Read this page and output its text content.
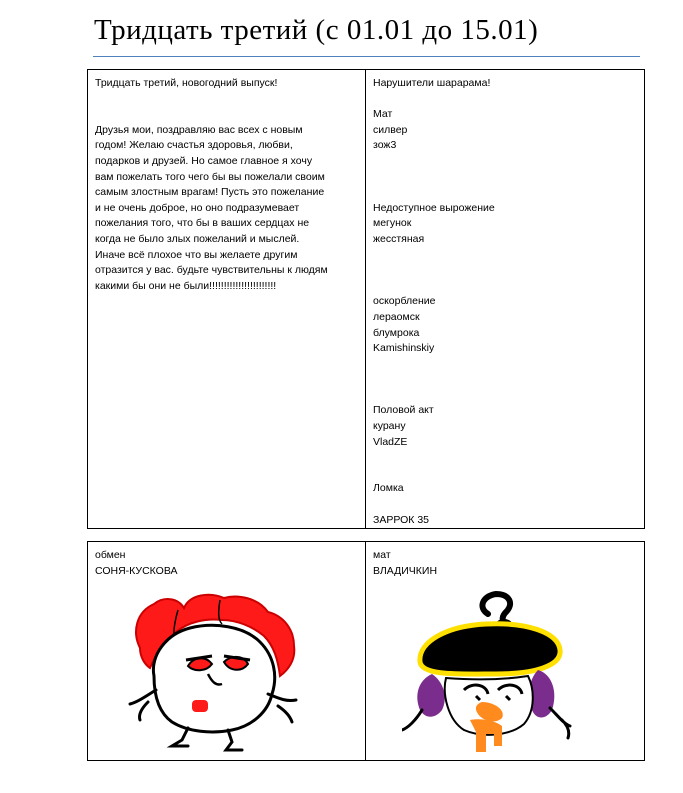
Тридцать третий (с 01.01 до 15.01)
Тридцать третий, новогодний выпуск!
Друзья мои, поздравляю вас всех с новым
годом! Желаю счастья здоровья, любви,
подарков и друзей. Но самое главное я хочу
вам пожелать того чего бы вы пожелали своим
самым злостным врагам! Пусть это пожелание
и не очень доброе, но оно подразумевает
пожелания того, что бы в ваших сердцах не
когда не было злых пожеланий и мыслей.
Иначе всё плохое что вы желаете другим
отразится у вас. будьте чувствительны к людям
какими бы они не были!!!!!!!!!!!!!!!!!!!!!!!

Нарушители шарарама!
Мат
силвер
зож3
Недоступное вырожение
мегунок
жесстяная
оскорбление
лераомск
блумрока
Kamishinskiy
Половой акт
курану
VladZE
Ломка
ЗАРРОК 35
обмен
СОНЯ-КУСКОВА

мат
ВЛАДИЧКИН
